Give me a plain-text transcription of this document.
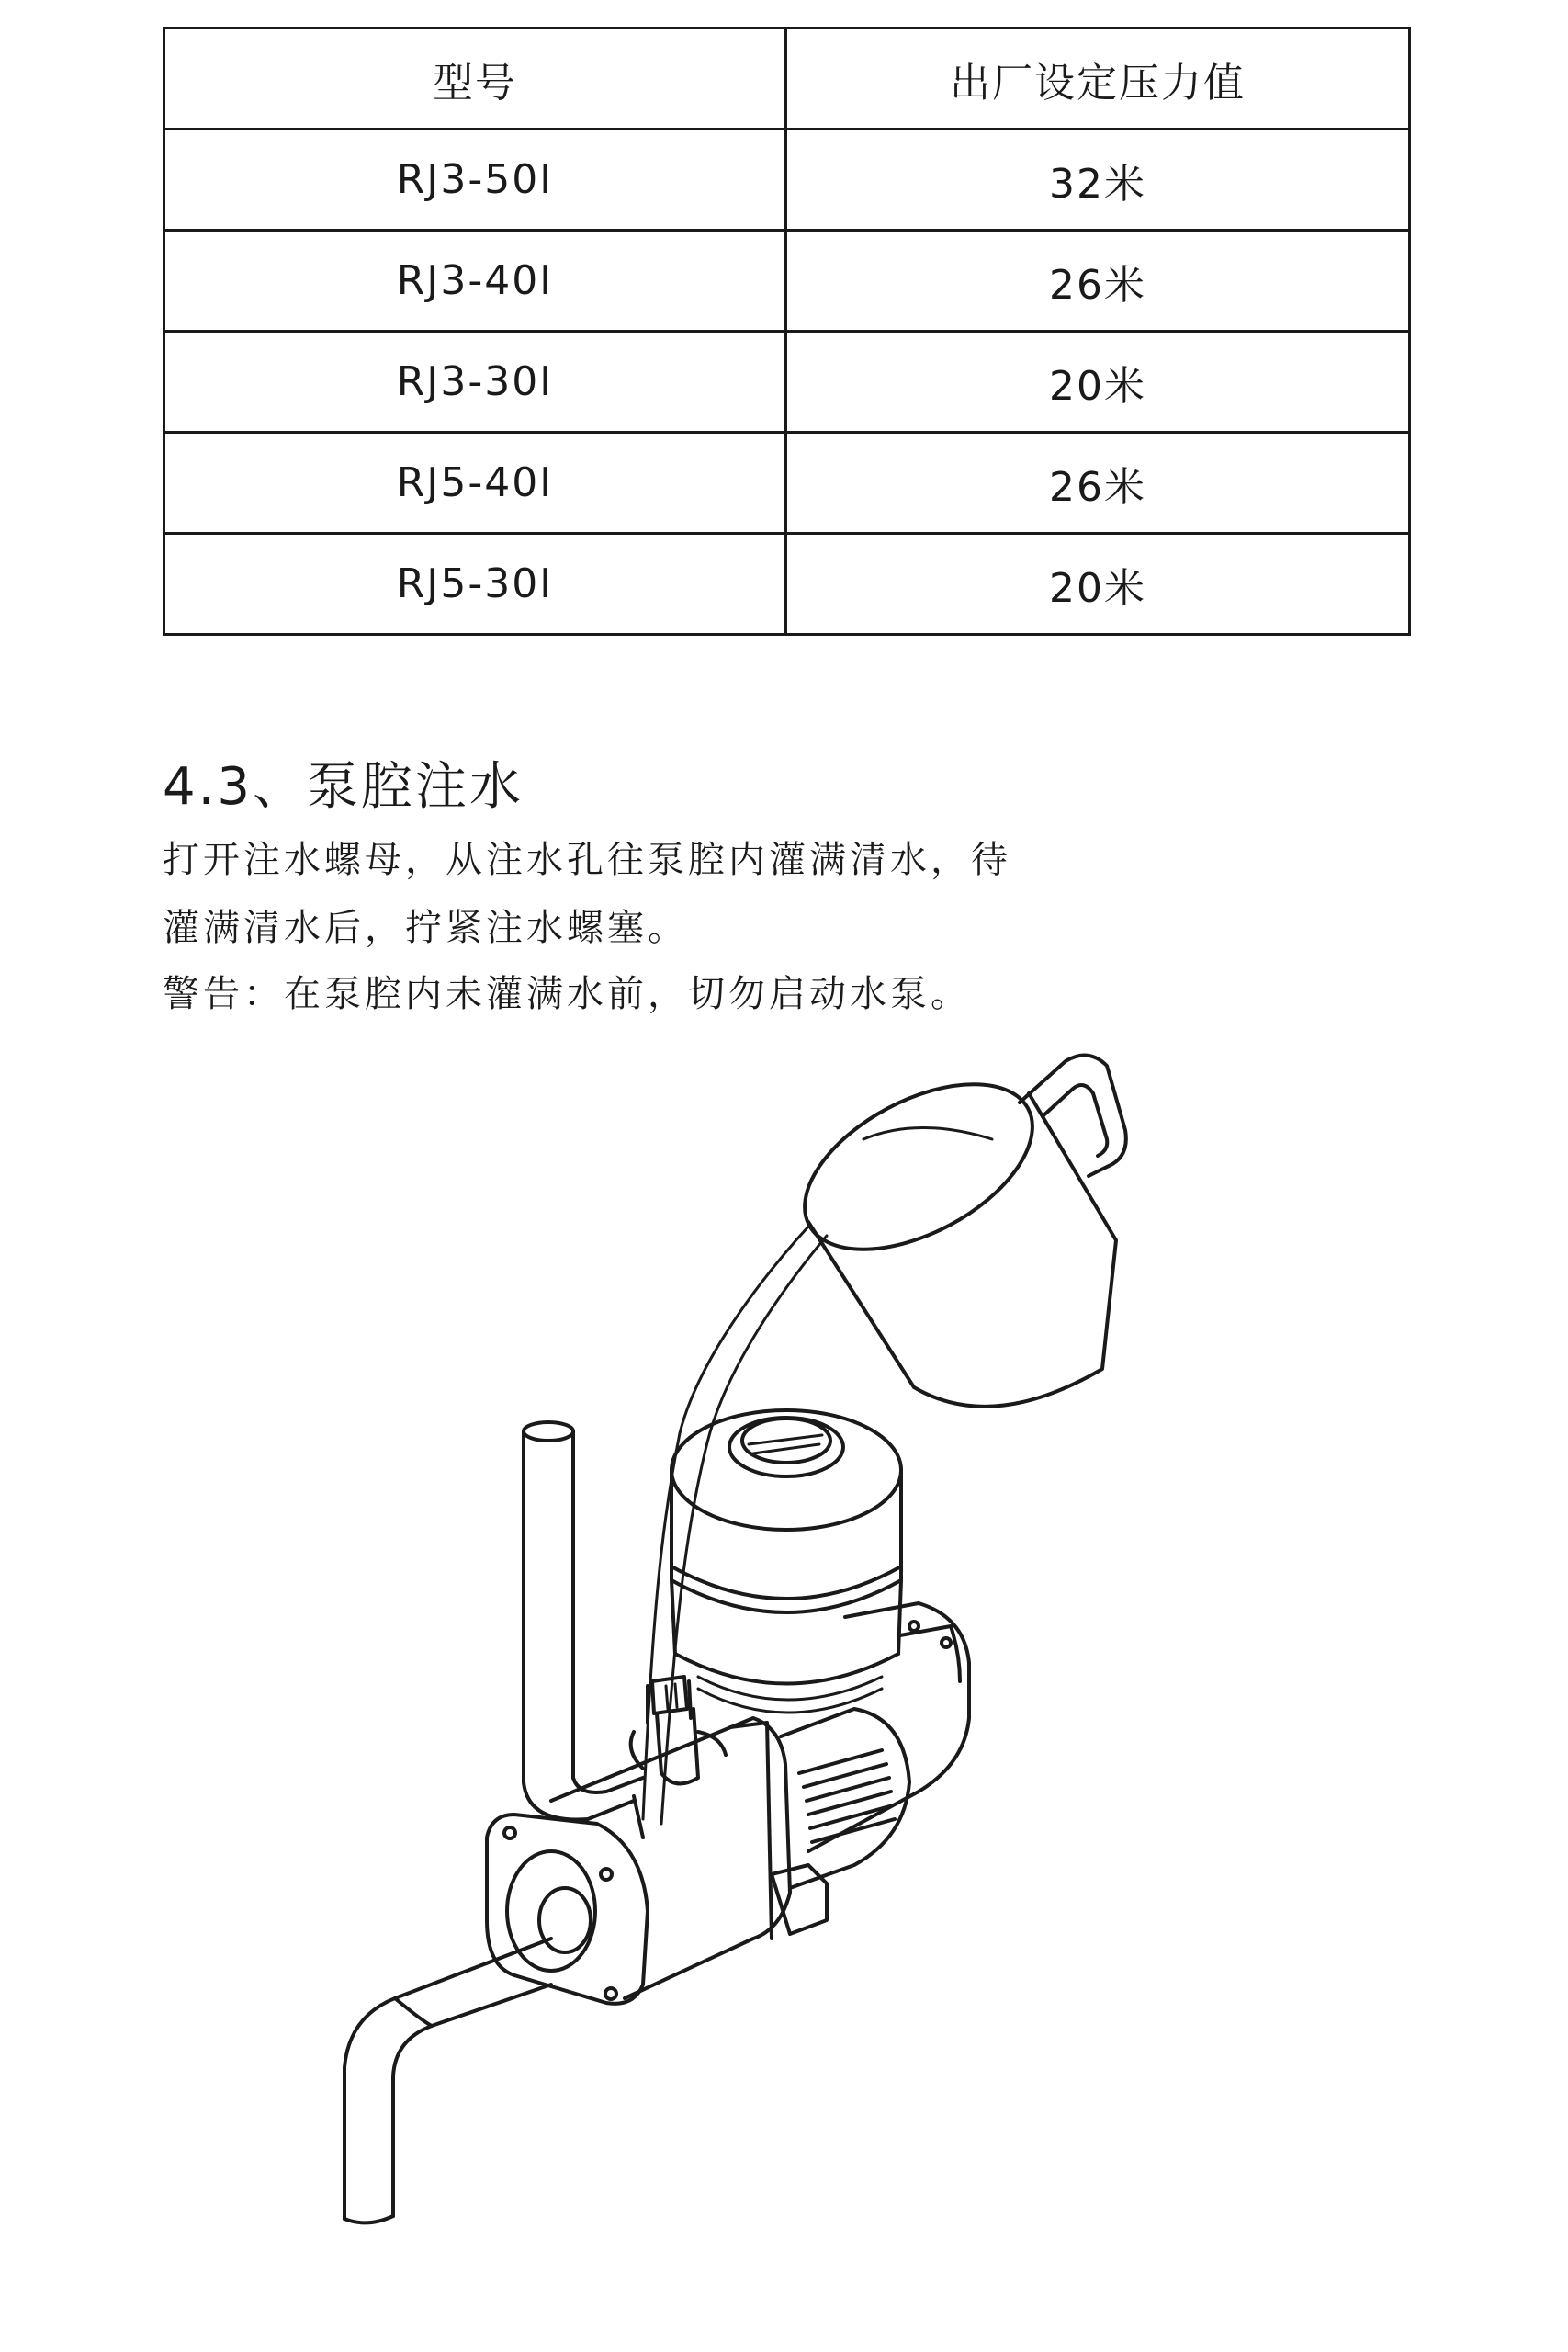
型号	出厂设定压力值
RJ3-50I	32米
RJ3-40I	26米
RJ3-30I	20米
RJ5-40I	26米
RJ5-30I	20米
4.3、泵腔注水

打开注水螺母，从注水孔往泵腔内灌满清水，待

灌满清水后，拧紧注水螺塞。

警告：在泵腔内未灌满水前，切勿启动水泵。
